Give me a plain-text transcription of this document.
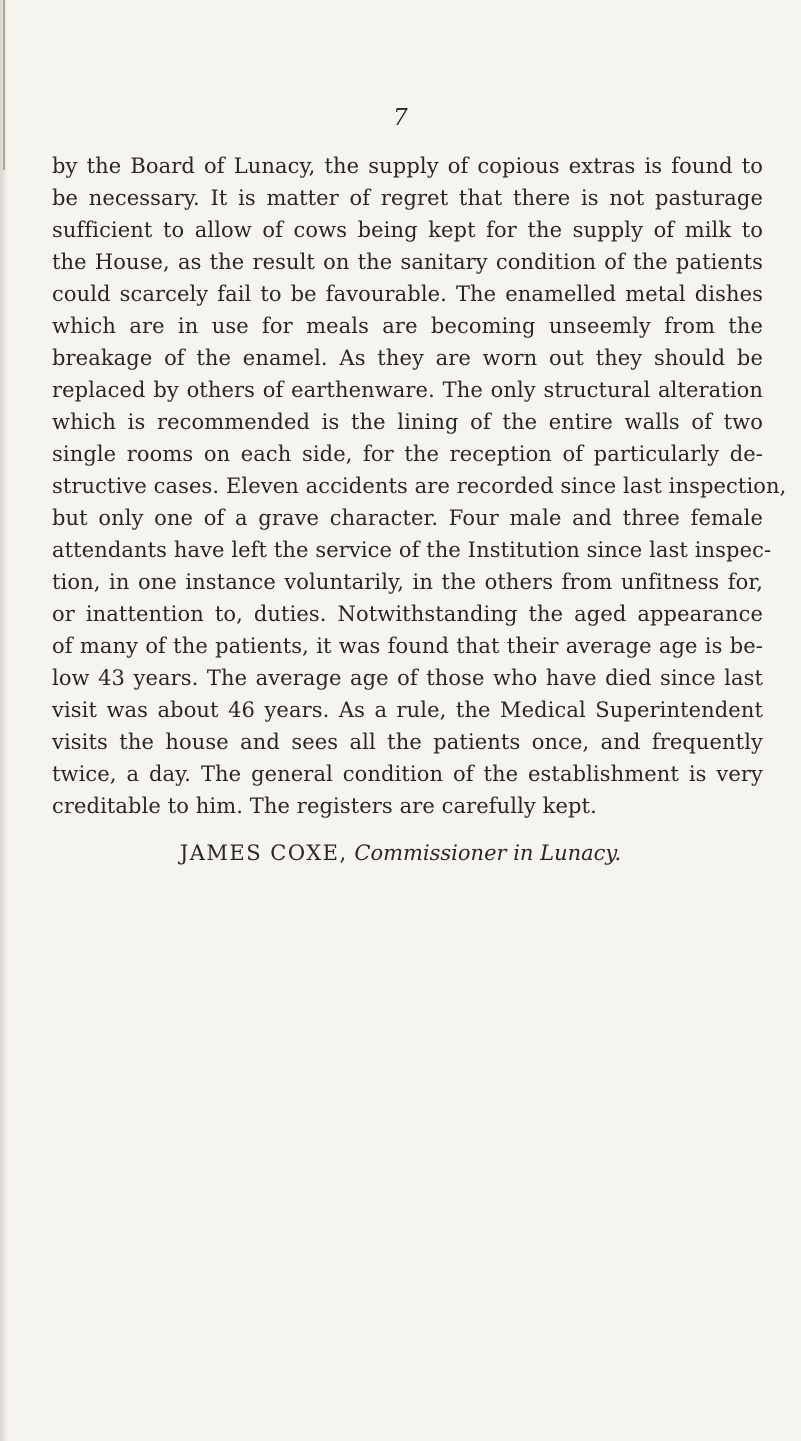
7

by the Board of Lunacy, the supply of copious extras is found to
be necessary. It is matter of regret that there is not pasturage
sufficient to allow of cows being kept for the supply of milk to
the House, as the result on the sanitary condition of the patients
could scarcely fail to be favourable. The enamelled metal dishes
which are in use for meals are becoming unseemly from the
breakage of the enamel. As they are worn out they should be
replaced by others of earthenware. The only structural alteration
which is recommended is the lining of the entire walls of two
single rooms on each side, for the reception of particularly de-
structive cases. Eleven accidents are recorded since last inspection,
but only one of a grave character. Four male and three female
attendants have left the service of the Institution since last inspec-
tion, in one instance voluntarily, in the others from unfitness for,
or inattention to, duties. Notwithstanding the aged appearance
of many of the patients, it was found that their average age is be-
low 43 years. The average age of those who have died since last
visit was about 46 years. As a rule, the Medical Superintendent
visits the house and sees all the patients once, and frequently
twice, a day. The general condition of the establishment is very
creditable to him. The registers are carefully kept.

JAMES COXE, Commissioner in Lunacy.
